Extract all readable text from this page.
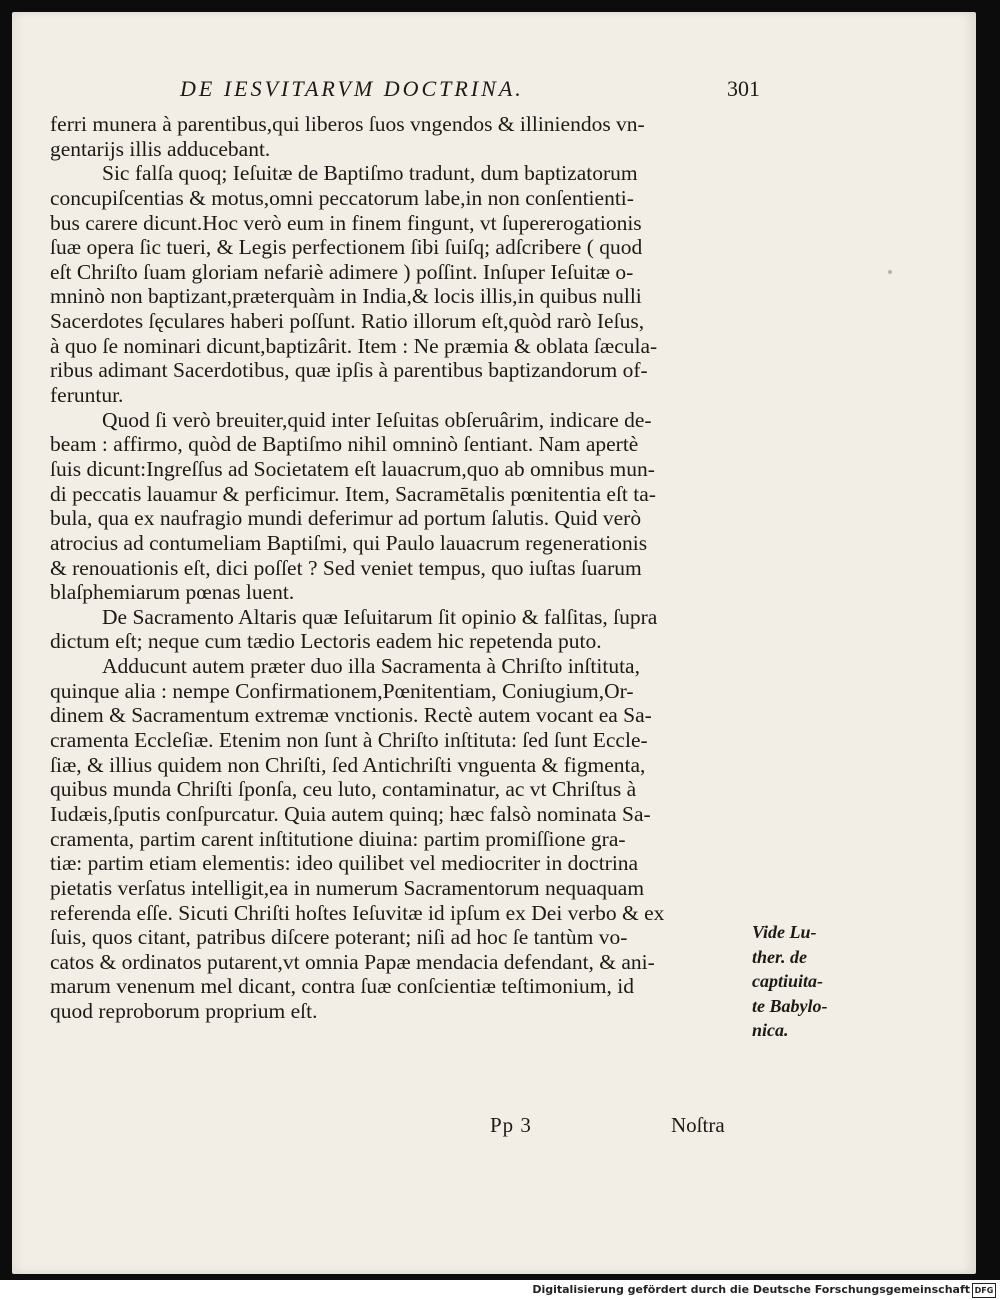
DE IESVITARVM DOCTRINA.	301
ferri munera à parentibus,qui liberos ſuos vngendos & illiniendos vn-
gentarijs illis adducebant.
Sic falſa quoq; Ieſuitæ de Baptiſmo tradunt, dum baptizatorum
concupiſcentias & motus,omni peccatorum labe,in non conſentienti-
bus carere dicunt.Hoc verò eum in finem fingunt, vt ſupererogationis
ſuæ opera ſic tueri, & Legis perfectionem ſibi ſuiſq; adſcribere ( quod
eſt Chriſto ſuam gloriam nefariè adimere ) poſſint. Inſuper Ieſuitæ o-
mninò non baptizant,præterquàm in India,& locis illis,in quibus nulli
Sacerdotes ſęculares haberi poſſunt. Ratio illorum eſt,quòd rarò Ieſus,
à quo ſe nominari dicunt,baptizârit. Item : Ne præmia & oblata ſæcula-
ribus adimant Sacerdotibus, quæ ipſis à parentibus baptizandorum of-
feruntur.
Quod ſi verò breuiter,quid inter Ieſuitas obſeruârim, indicare de-
beam : affirmo, quòd de Baptiſmo nihil omninò ſentiant. Nam apertè
ſuis dicunt:Ingreſſus ad Societatem eſt lauacrum,quo ab omnibus mun-
di peccatis lauamur & perficimur. Item, Sacramētalis pœnitentia eſt ta-
bula, qua ex naufragio mundi deferimur ad portum ſalutis. Quid verò
atrocius ad contumeliam Baptiſmi, qui Paulo lauacrum regenerationis
& renouationis eſt, dici poſſet ? Sed veniet tempus, quo iuſtas ſuarum
blaſphemiarum pœnas luent.
De Sacramento Altaris quæ Ieſuitarum ſit opinio & falſitas, ſupra
dictum eſt; neque cum tædio Lectoris eadem hic repetenda puto.
Adducunt autem præter duo illa Sacramenta à Chriſto inſtituta,
quinque alia : nempe Confirmationem,Pœnitentiam, Coniugium,Or-
dinem & Sacramentum extremæ vnctionis. Rectè autem vocant ea Sa-
cramenta Eccleſiæ. Etenim non ſunt à Chriſto inſtituta: ſed ſunt Eccle-
ſiæ, & illius quidem non Chriſti, ſed Antichriſti vnguenta & figmenta,
quibus munda Chriſti ſponſa, ceu luto, contaminatur, ac vt Chriſtus à
Iudæis,ſputis conſpurcatur. Quia autem quinq; hæc falsò nominata Sa-
cramenta, partim carent inſtitutione diuina: partim promiſſione gra-
tiæ: partim etiam elementis: ideo quilibet vel mediocriter in doctrina
pietatis verſatus intelligit,ea in numerum Sacramentorum nequaquam
referenda eſſe. Sicuti Chriſti hoſtes Ieſuvitæ id ipſum ex Dei verbo & ex
ſuis, quos citant, patribus diſcere poterant; niſi ad hoc ſe tantùm vo-
catos & ordinatos putarent,vt omnia Papæ mendacia defendant, & ani-
marum venenum mel dicant, contra ſuæ conſcientiæ teſtimonium, id
quod reproborum proprium eſt.
Vide Lu-
ther. de
captiuita-
te Babylo-
nica.
Pp 3	Noſtra
Digitalisierung gefördert durch die Deutsche Forschungsgemeinschaft DFG
